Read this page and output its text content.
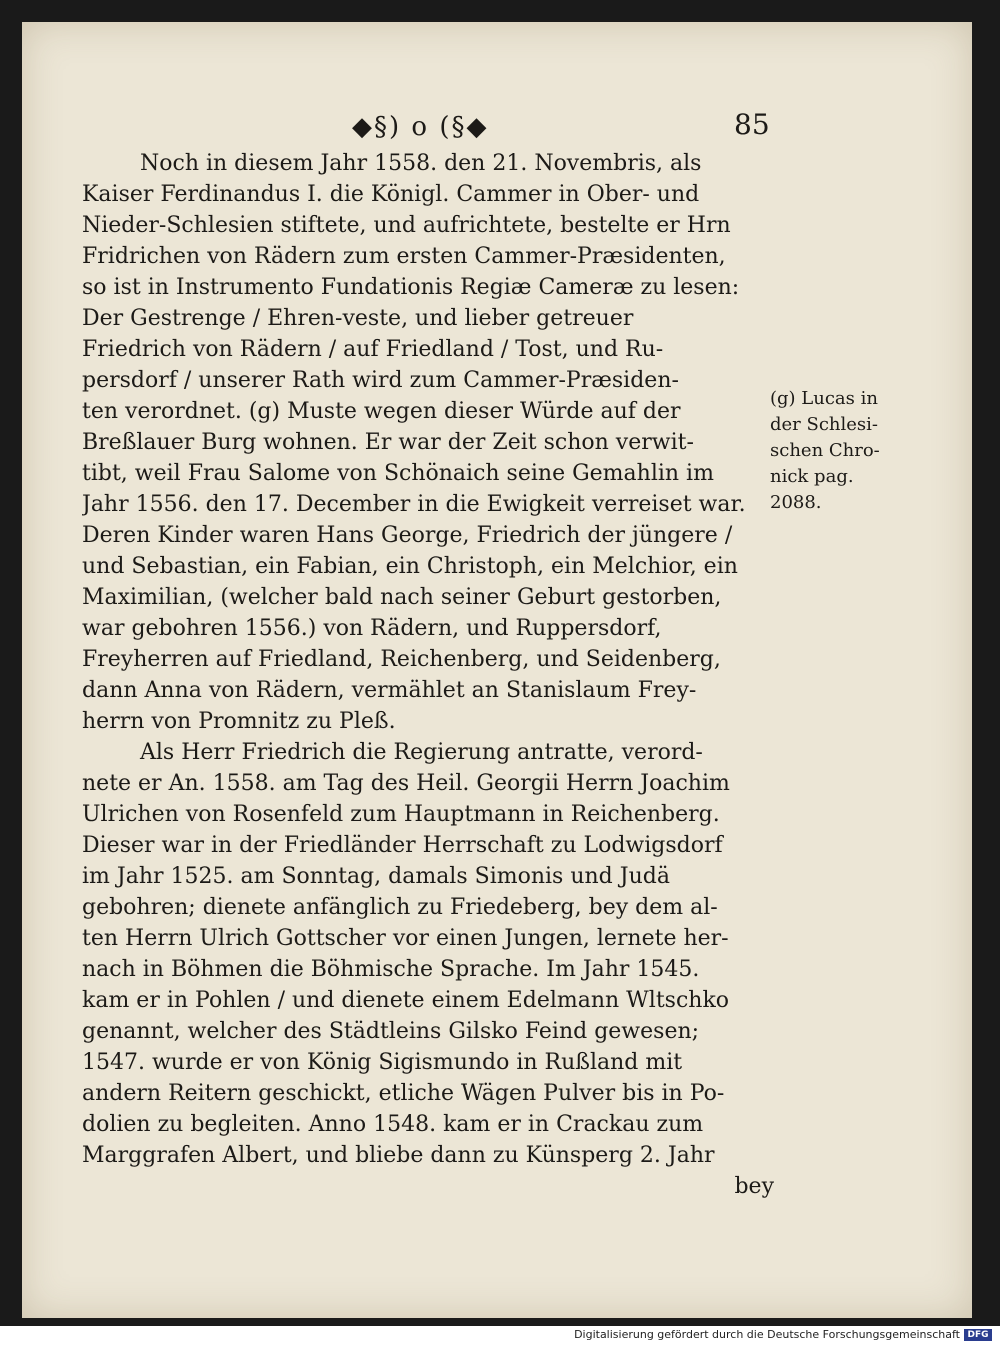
◆§) o (§◆	85
Noch in diesem Jahr 1558. den 21. Novembris, als
Kaiser Ferdinandus I. die Königl. Cammer in Ober- und
Nieder-Schlesien stiftete, und aufrichtete, bestelte er Hrn
Fridrichen von Rädern zum ersten Cammer-Præsidenten,
so ist in Instrumento Fundationis Regiæ Cameræ zu lesen:
Der Gestrenge / Ehren-veste, und lieber getreuer
Friedrich von Rädern / auf Friedland / Tost, und Ru-
persdorf / unserer Rath wird zum Cammer-Præsiden-
ten verordnet. (g) Muste wegen dieser Würde auf der
Breßlauer Burg wohnen. Er war der Zeit schon verwit-
tibt, weil Frau Salome von Schönaich seine Gemahlin im
Jahr 1556. den 17. December in die Ewigkeit verreiset war.
Deren Kinder waren Hans George, Friedrich der jüngere /
und Sebastian, ein Fabian, ein Christoph, ein Melchior, ein
Maximilian, (welcher bald nach seiner Geburt gestorben,
war gebohren 1556.) von Rädern, und Ruppersdorf,
Freyherren auf Friedland, Reichenberg, und Seidenberg,
dann Anna von Rädern, vermählet an Stanislaum Frey-
herrn von Promnitz zu Pleß.
Als Herr Friedrich die Regierung antratte, verord-
nete er An. 1558. am Tag des Heil. Georgii Herrn Joachim
Ulrichen von Rosenfeld zum Hauptmann in Reichenberg.
Dieser war in der Friedländer Herrschaft zu Lodwigsdorf
im Jahr 1525. am Sonntag, damals Simonis und Judä
gebohren; dienete anfänglich zu Friedeberg, bey dem al-
ten Herrn Ulrich Gottscher vor einen Jungen, lernete her-
nach in Böhmen die Böhmische Sprache. Im Jahr 1545.
kam er in Pohlen / und dienete einem Edelmann Wltschko
genannt, welcher des Städtleins Gilsko Feind gewesen;
1547. wurde er von König Sigismundo in Rußland mit
andern Reitern geschickt, etliche Wägen Pulver bis in Po-
dolien zu begleiten. Anno 1548. kam er in Crackau zum
Marggrafen Albert, und bliebe dann zu Künsperg 2. Jahr
bey
(g) Lucas in
der Schlesi-
schen Chro-
nick pag.
2088.
Digitalisierung gefördert durch die Deutsche Forschungsgemeinschaft DFG
